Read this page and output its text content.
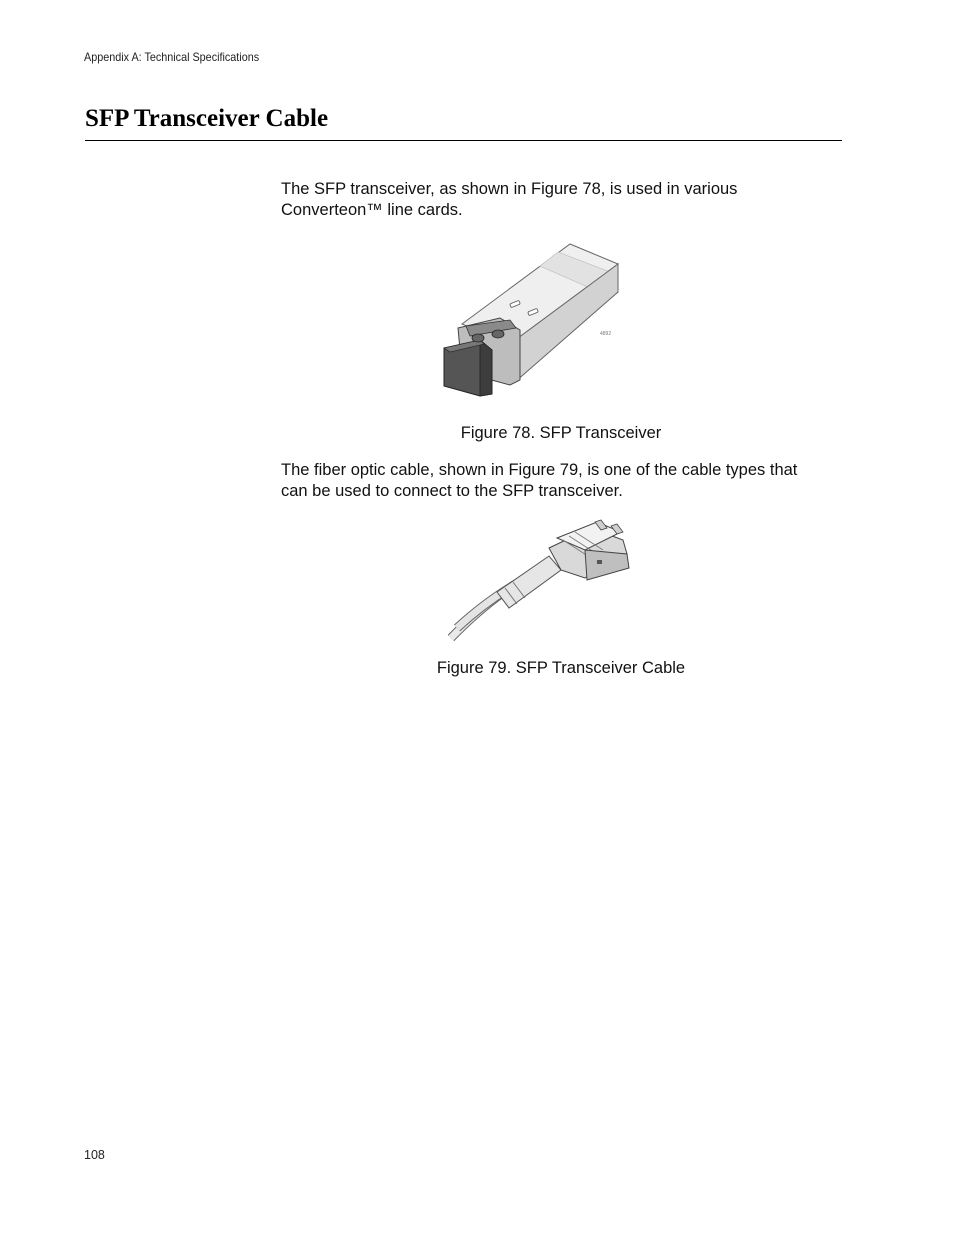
Appendix A: Technical Specifications
SFP Transceiver Cable

The SFP transceiver, as shown in Figure 78, is used in various

Converteon™ line cards.

4892
Figure 78. SFP Transceiver

The fiber optic cable, shown in Figure 79, is one of the cable types that

can be used to connect to the SFP transceiver.

Figure 79. SFP Transceiver Cable
108
